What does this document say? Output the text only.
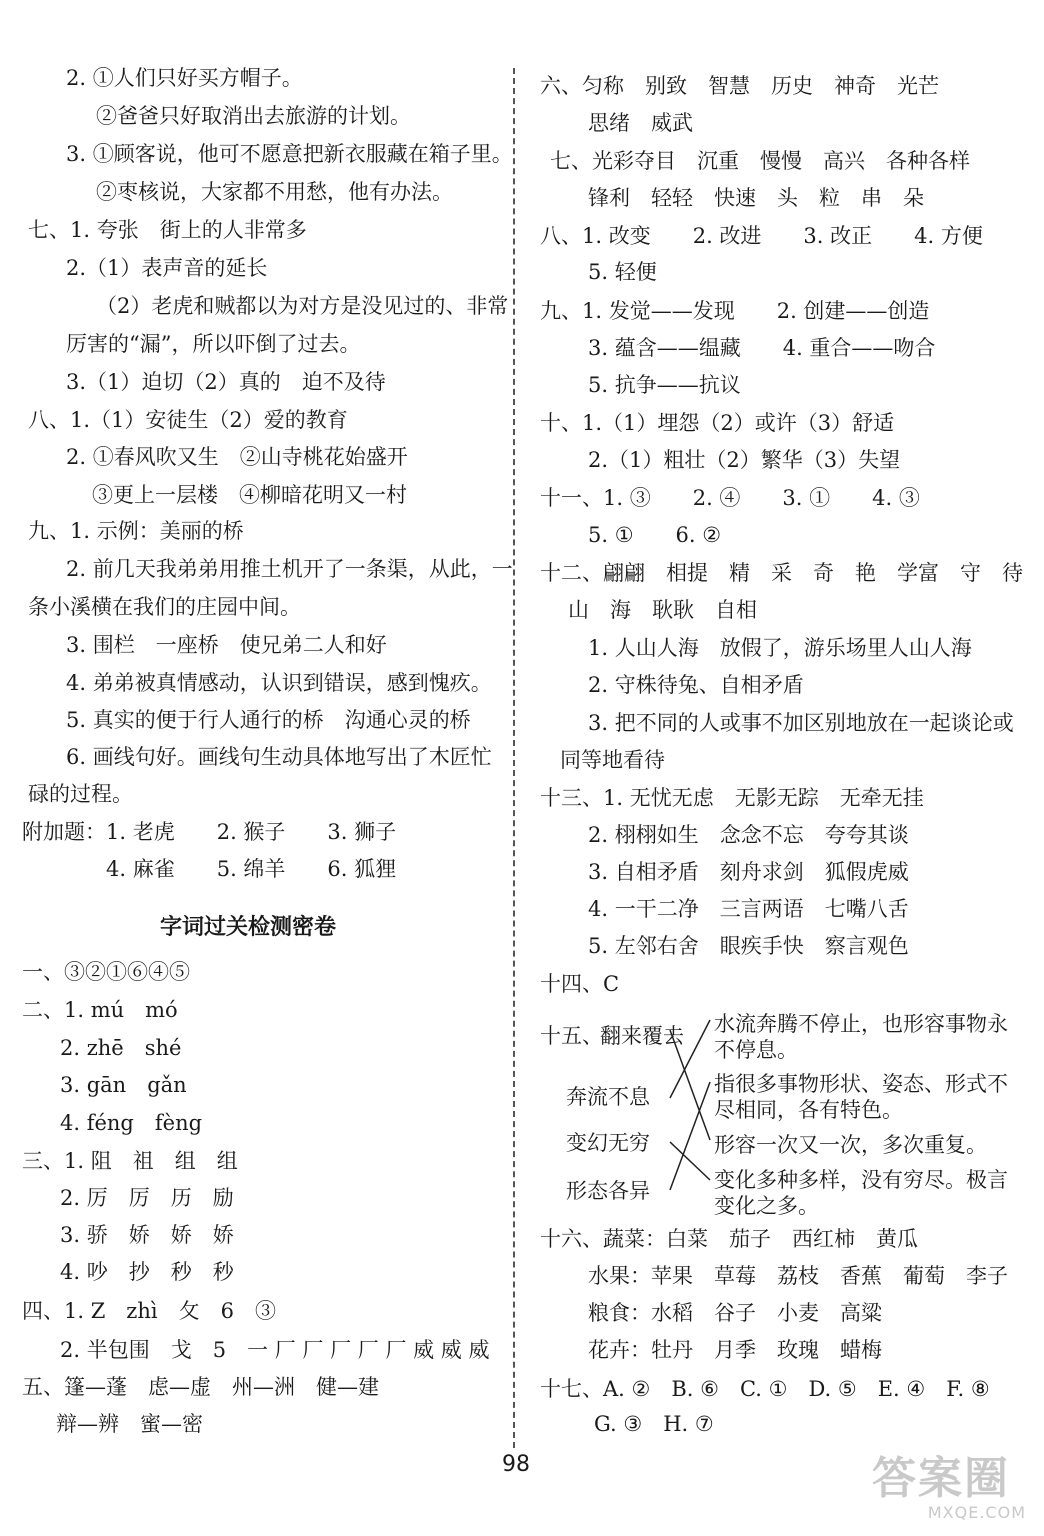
2. ①人们只好买方帽子。
②爸爸只好取消出去旅游的计划。
3. ①顾客说，他可不愿意把新衣服藏在箱子里。
②枣核说，大家都不用愁，他有办法。
七、1. 夸张　街上的人非常多
2.（1）表声音的延长
（2）老虎和贼都以为对方是没见过的、非常
厉害的“漏”，所以吓倒了过去。
3.（1）迫切（2）真的　迫不及待
八、1.（1）安徒生（2）爱的教育
2. ①春风吹又生　②山寺桃花始盛开
③更上一层楼　④柳暗花明又一村
九、1. 示例：美丽的桥
2. 前几天我弟弟用推土机开了一条渠，从此，一
条小溪横在我们的庄园中间。
3. 围栏　一座桥　使兄弟二人和好
4. 弟弟被真情感动，认识到错误，感到愧疚。
5. 真实的便于行人通行的桥　沟通心灵的桥
6. 画线句好。画线句生动具体地写出了木匠忙
碌的过程。
附加题：1. 老虎　　2. 猴子　　3. 狮子
4. 麻雀　　5. 绵羊　　6. 狐狸
字词过关检测密卷
一、③②①⑥④⑤
二、1. mú　mó
2. zhē　shé
3. gān　gǎn
4. féng　fèng
三、1. 阻　祖　组　组
2. 厉　厉　历　励
3. 骄　娇　娇　娇
4. 吵　抄　秒　秒
四、1. Z　zhì　攵　6　③
2. 半包围　戈　5　一 厂 厂 厂 厂 厂 威 威 威
五、篷—蓬　虑—虚　州—洲　健—建
辩—辨　蜜—密
六、匀称　别致　智慧　历史　神奇　光芒
思绪　威武
七、光彩夺目　沉重　慢慢　高兴　各种各样
锋利　轻轻　快速　头　粒　串　朵
八、1. 改变　　2. 改进　　3. 改正　　4. 方便
5. 轻便
九、1. 发觉——发现　　2. 创建——创造
3. 蕴含——缊藏　　4. 重合——吻合
5. 抗争——抗议
十、1.（1）埋怨（2）或许（3）舒适
2.（1）粗壮（2）繁华（3）失望
十一、1. ③　　2. ④　　3. ①　　4. ③
5. ①　　6. ②
十二、翩翩　相提　精　采　奇　艳　学富　守　待
山　海　耿耿　自相
1. 人山人海　放假了，游乐场里人山人海
2. 守株待兔、自相矛盾
3. 把不同的人或事不加区别地放在一起谈论或
同等地看待
十三、1. 无忧无虑　无影无踪　无牵无挂
2. 栩栩如生　念念不忘　夸夸其谈
3. 自相矛盾　刻舟求剑　狐假虎威
4. 一干二净　三言两语　七嘴八舌
5. 左邻右舍　眼疾手快　察言观色
十四、C
十五、
翻来覆去
奔流不息
变幻无穷
形态各异
水流奔腾不停止，也形容事物永
不停息。
指很多事物形状、姿态、形式不
尽相同，各有特色。
形容一次又一次，多次重复。
变化多种多样，没有穷尽。极言
变化之多。
十六、蔬菜：白菜　茄子　西红柿　黄瓜
水果：苹果　草莓　荔枝　香蕉　葡萄　李子
粮食：水稻　谷子　小麦　高粱
花卉：牡丹　月季　玫瑰　蜡梅
十七、A. ②　B. ⑥　C. ①　D. ⑤　E. ④　F. ⑧
G. ③　H. ⑦
98	答案圈
MXQE.COM
